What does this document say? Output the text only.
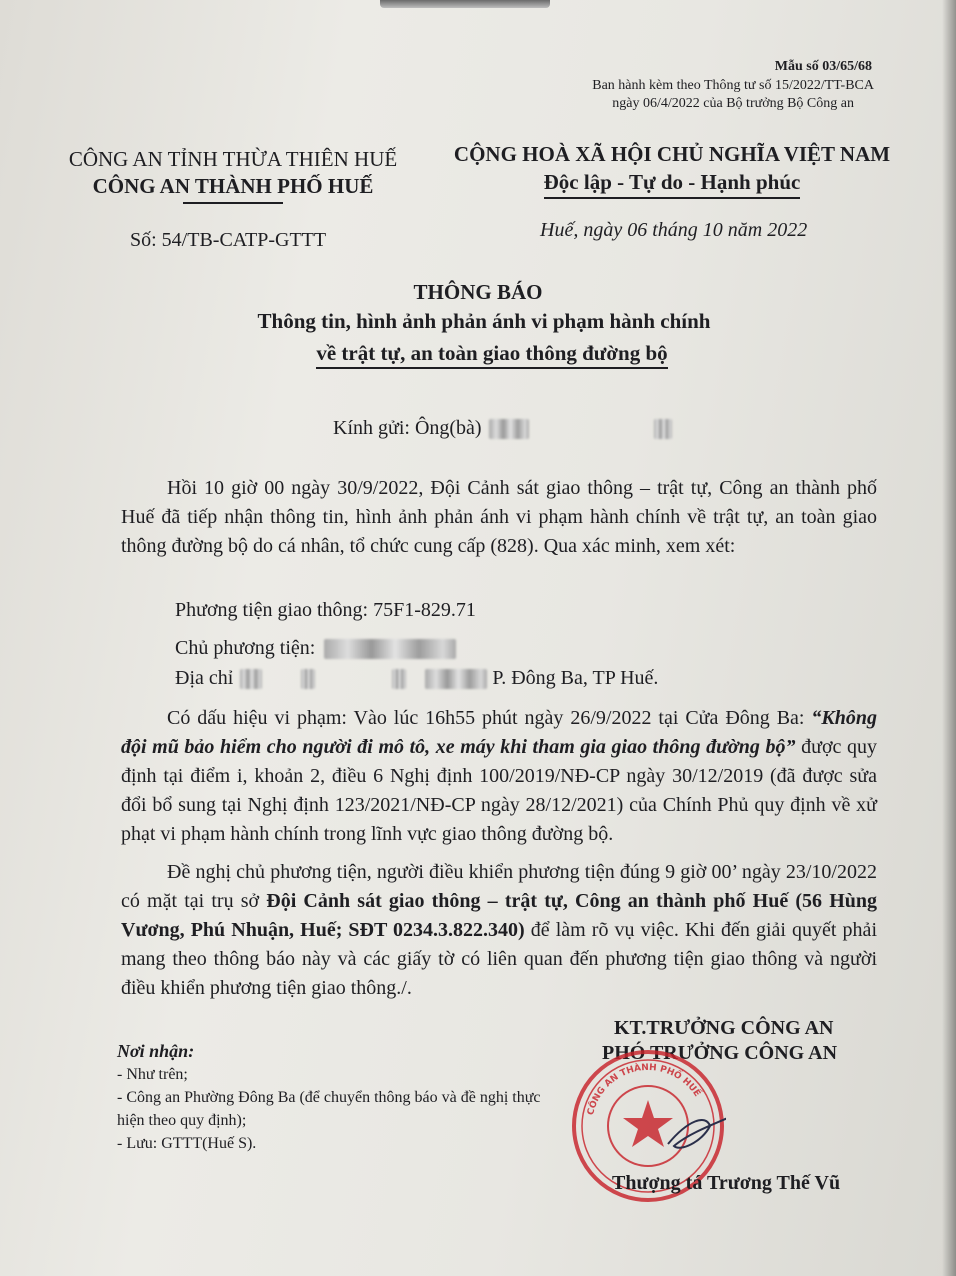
Mẫu số 03/65/68
Ban hành kèm theo Thông tư số 15/2022/TT-BCA
ngày 06/4/2022 của Bộ trưởng Bộ Công an
CÔNG AN TỈNH THỪA THIÊN HUẾ
CÔNG AN THÀNH PHỐ HUẾ
Số: 54/TB-CATP-GTTT
CỘNG HOÀ XÃ HỘI CHỦ NGHĨA VIỆT NAM
Độc lập - Tự do - Hạnh phúc
Huế, ngày 06 tháng 10 năm 2022
THÔNG BÁO
Thông tin, hình ảnh phản ánh vi phạm hành chính
về trật tự, an toàn giao thông đường bộ
Kính gửi: Ông(bà)
Hồi 10 giờ 00 ngày 30/9/2022, Đội Cảnh sát giao thông – trật tự, Công an thành phố Huế đã tiếp nhận thông tin, hình ảnh phản ánh vi phạm hành chính về trật tự, an toàn giao thông đường bộ do cá nhân, tổ chức cung cấp (828). Qua xác minh, xem xét:
Phương tiện giao thông: 75F1-829.71
Chủ phương tiện:
Địa chỉ	P. Đông Ba, TP Huế.
Có dấu hiệu vi phạm: Vào lúc 16h55 phút ngày 26/9/2022 tại Cửa Đông Ba: “Không đội mũ bảo hiểm cho người đi mô tô, xe máy khi tham gia giao thông đường bộ” được quy định tại điểm i, khoản 2, điều 6 Nghị định 100/2019/NĐ-CP ngày 30/12/2019 (đã được sửa đổi bổ sung tại Nghị định 123/2021/NĐ-CP ngày 28/12/2021) của Chính Phủ quy định về xử phạt vi phạm hành chính trong lĩnh vực giao thông đường bộ.
Đề nghị chủ phương tiện, người điều khiển phương tiện đúng 9 giờ 00’ ngày 23/10/2022 có mặt tại trụ sở Đội Cảnh sát giao thông – trật tự, Công an thành phố Huế (56 Hùng Vương, Phú Nhuận, Huế; SĐT 0234.3.822.340) để làm rõ vụ việc. Khi đến giải quyết phải mang theo thông báo này và các giấy tờ có liên quan đến phương tiện giao thông và người điều khiển phương tiện giao thông./.
Nơi nhận:
- Như trên;
- Công an Phường Đông Ba (để chuyển thông báo và đề nghị thực hiện theo quy định);
- Lưu: GTTT(Huế S).
KT.TRƯỞNG CÔNG AN
PHÓ TRƯỞNG CÔNG AN
CÔNG AN THÀNH PHỐ HUẾ
Thượng tá Trương Thế Vũ
